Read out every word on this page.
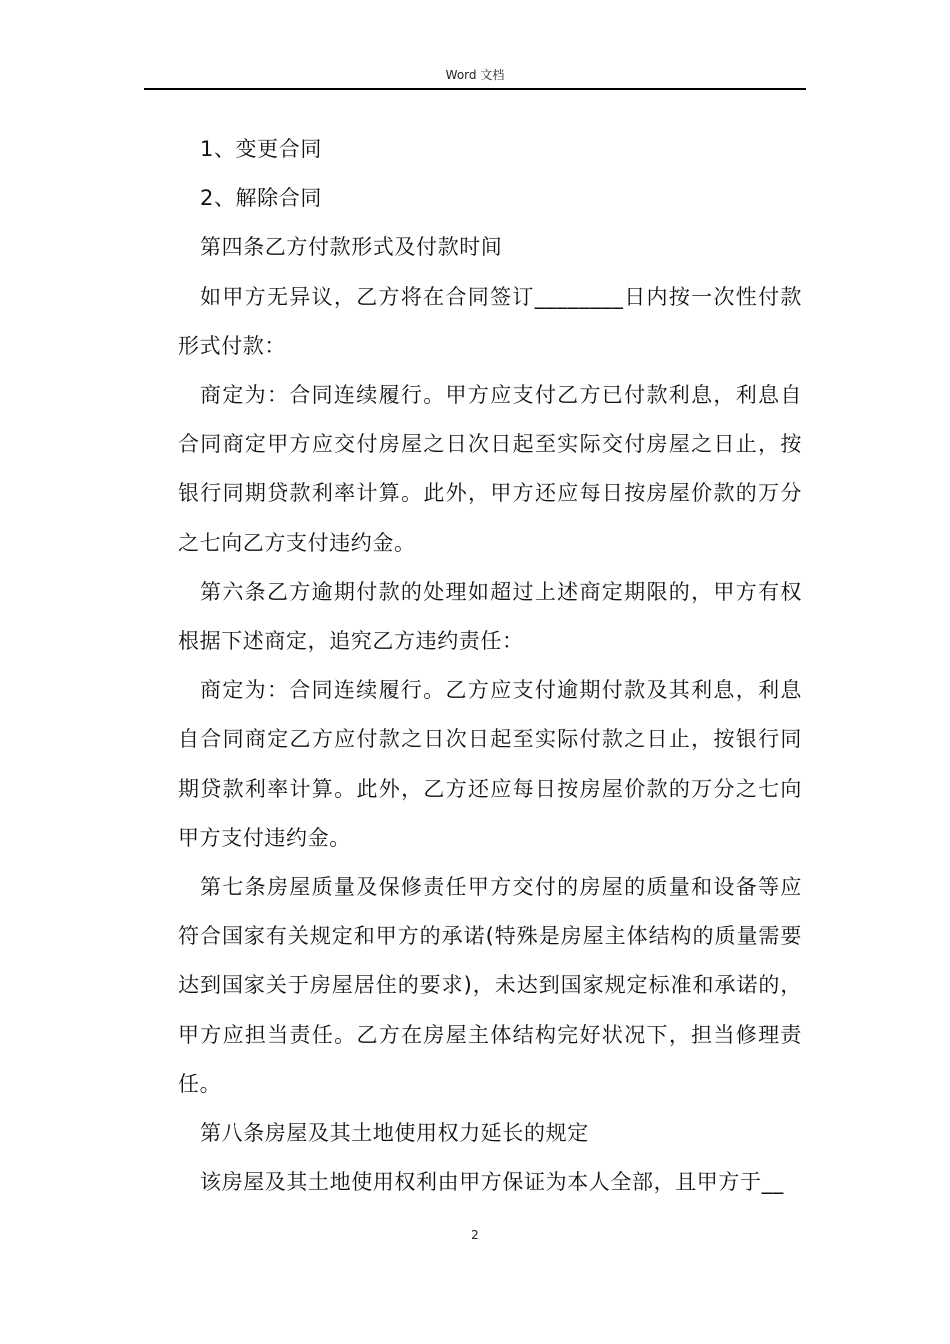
Word 文档

1、变更合同

2、解除合同

第四条乙方付款形式及付款时间

如甲方无异议，乙方将在合同签订________日内按一次性付款形式付款：

商定为：合同连续履行。甲方应支付乙方已付款利息，利息自合同商定甲方应交付房屋之日次日起至实际交付房屋之日止，按银行同期贷款利率计算。此外，甲方还应每日按房屋价款的万分之七向乙方支付违约金。

第六条乙方逾期付款的处理如超过上述商定期限的，甲方有权根据下述商定，追究乙方违约责任：

商定为：合同连续履行。乙方应支付逾期付款及其利息，利息自合同商定乙方应付款之日次日起至实际付款之日止，按银行同期贷款利率计算。此外，乙方还应每日按房屋价款的万分之七向甲方支付违约金。

第七条房屋质量及保修责任甲方交付的房屋的质量和设备等应符合国家有关规定和甲方的承诺(特殊是房屋主体结构的质量需要达到国家关于房屋居住的要求)，未达到国家规定标准和承诺的，甲方应担当责任。乙方在房屋主体结构完好状况下，担当修理责任。

第八条房屋及其土地使用权力延长的规定

该房屋及其土地使用权利由甲方保证为本人全部，且甲方于__

2
